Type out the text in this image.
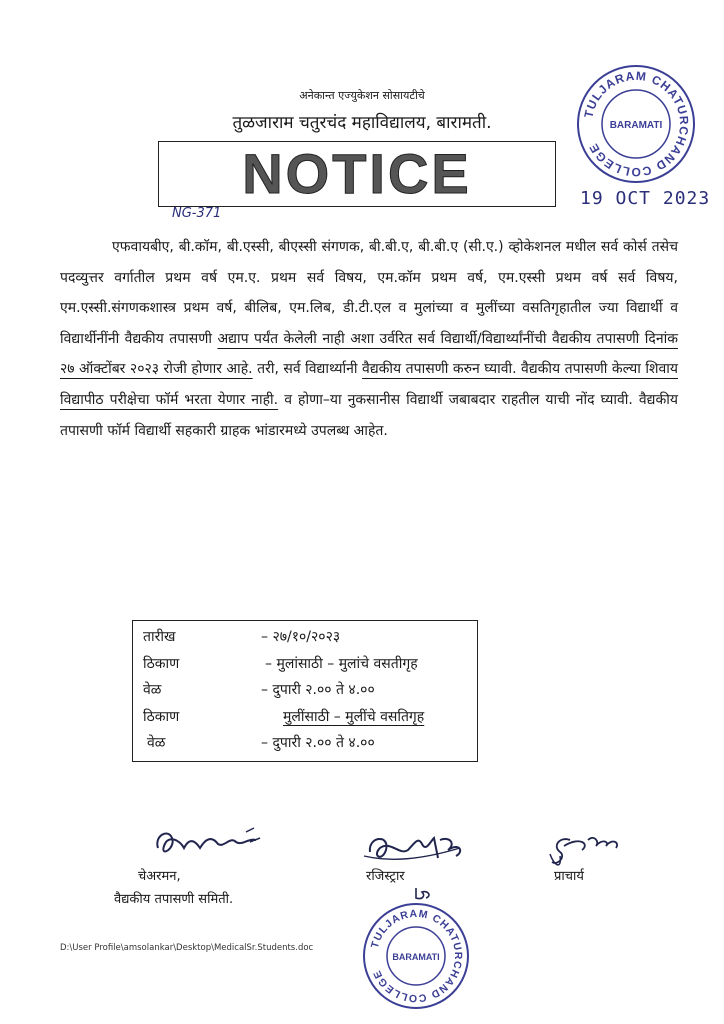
TULJARAM CHATURCHAND COLLEGE
BARAMATI
अनेकान्त एज्युकेशन सोसायटीचे
तुळजाराम चतुरचंद महाविद्यालय, बारामती.
NOTICE	19 OCT 2023
NG-371
एफवायबीए, बी.कॉम, बी.एस्सी, बीएस्सी संगणक, बी.बी.ए, बी.बी.ए (सी.ए.) व्होकेशनल मधील सर्व कोर्स तसेच पदव्युत्तर वर्गातील प्रथम वर्ष एम.ए. प्रथम सर्व विषय, एम.कॉम प्रथम वर्ष, एम.एस्सी प्रथम वर्ष सर्व विषय, एम.एस्सी.संगणकशास्त्र प्रथम वर्ष, बीलिब, एम.लिब, डी.टी.एल व मुलांच्या व मुलींच्या वसतिगृहातील ज्या विद्यार्थी व विद्यार्थीनींनी वैद्यकीय तपासणी अद्याप पर्यंत केलेली नाही अशा उर्वरित सर्व विद्यार्थी/विद्यार्थ्यांनींची वैद्यकीय तपासणी दिनांक २७ ऑक्टोंबर २०२३ रोजी होणार आहे. तरी, सर्व विद्यार्थ्यानी वैद्यकीय तपासणी करुन घ्यावी. वैद्यकीय तपासणी केल्या शिवाय विद्यापीठ परीक्षेचा फॉर्म भरता येणार नाही. व होणा–या नुकसानीस विद्यार्थी जबाबदार राहतील याची नोंद घ्यावी. वैद्यकीय तपासणी फॉर्म विद्यार्थी सहकारी ग्राहक भांडारमध्ये उपलब्ध आहेत.
तारीख	– २७/१०/२०२३
ठिकाण	– मुलांसाठी – मुलांचे वसतीगृह
वेळ	– दुपारी २.०० ते ४.००
ठिकाण	मुलींसाठी – मुलींचे वसतिगृह
वेळ	– दुपारी २.०० ते ४.००
चेअरमन,
वैद्यकीय तपासणी समिती.
रजिस्ट्रार	प्राचार्य
TULJARAM CHATURCHAND COLLEGE
BARAMATI
D:\User Profile\amsolankar\Desktop\MedicalSr.Students.doc
